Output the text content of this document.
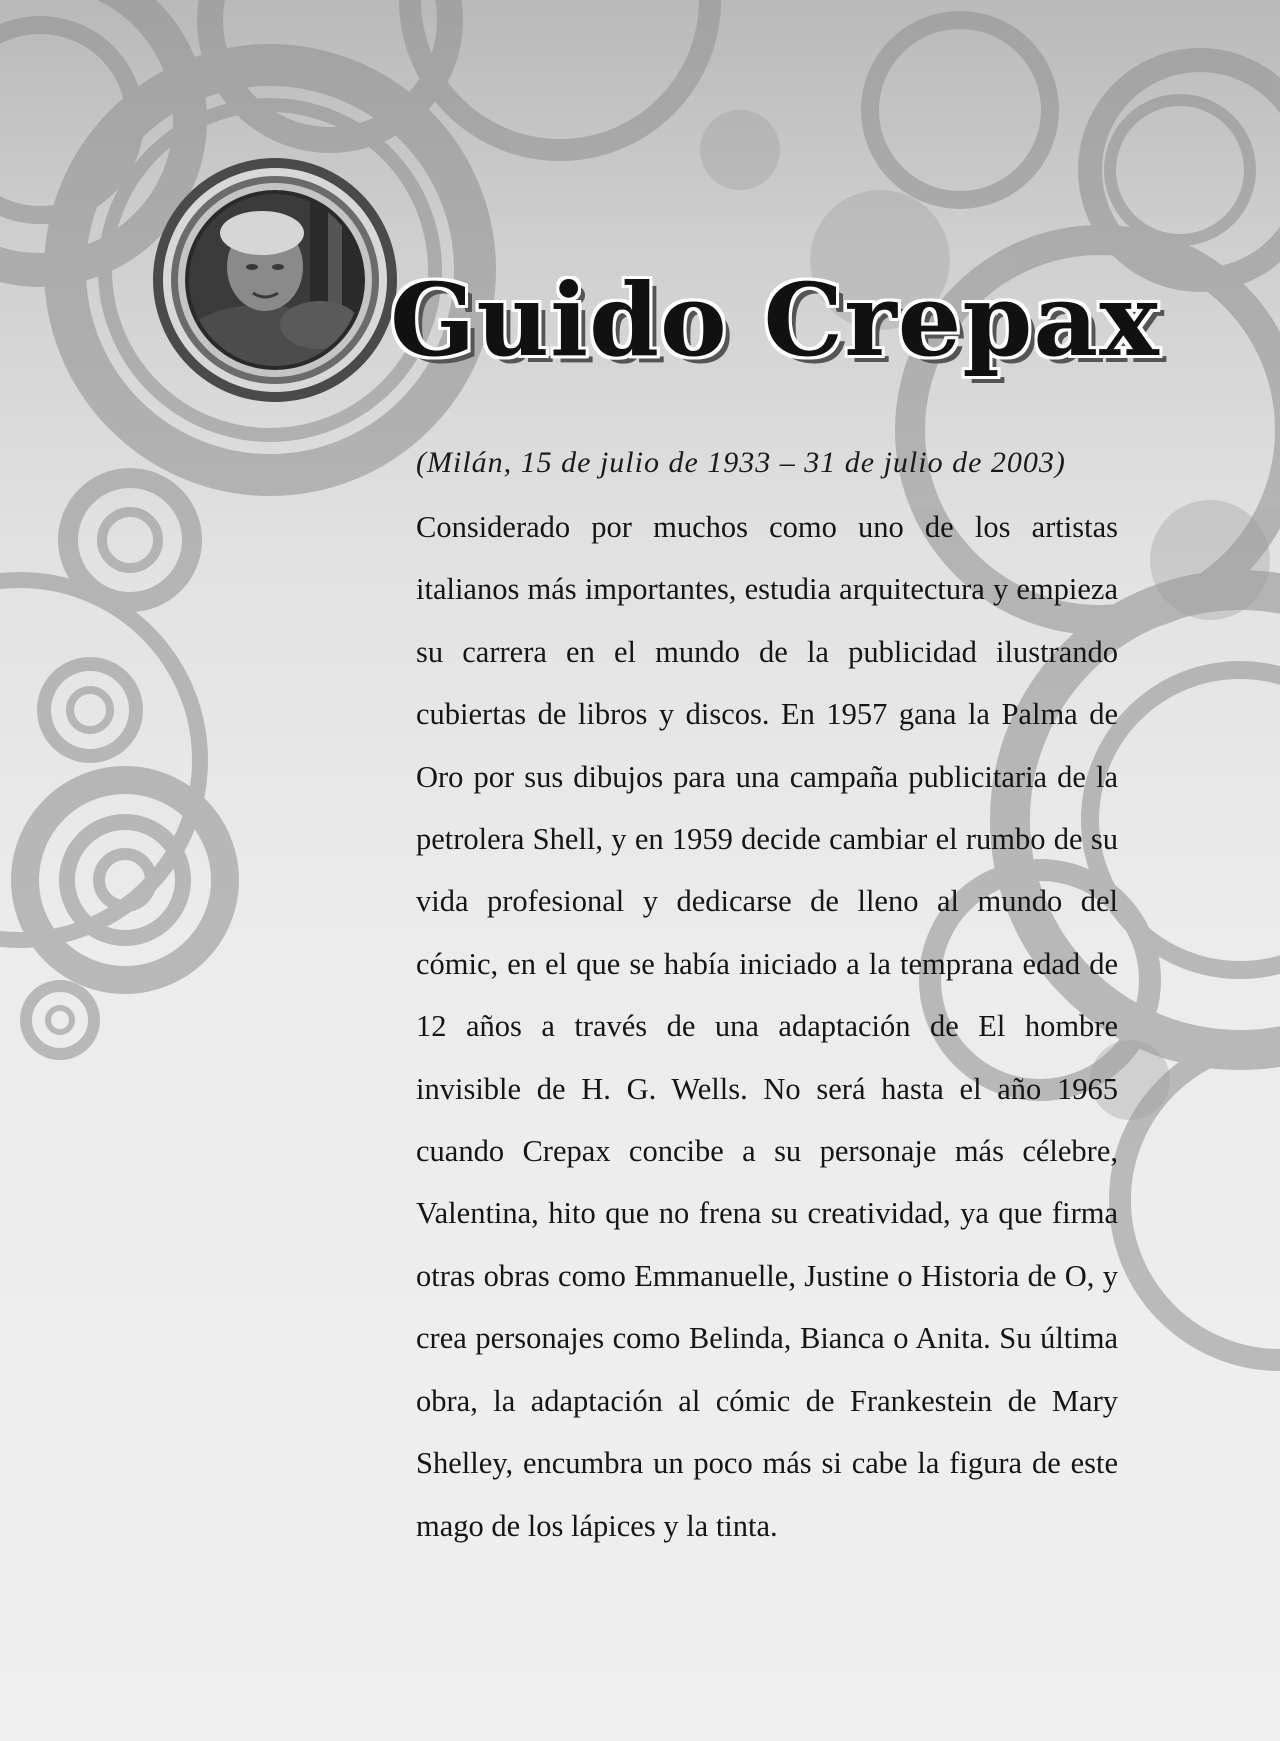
Guido Crepax

(Milán, 15 de julio de 1933 – 31 de julio de 2003)

Considerado por muchos como uno de los artistas italianos más importantes, estudia arquitectura y empieza su carrera en el mundo de la publicidad ilustrando cubiertas de libros y discos. En 1957 gana la Palma de Oro por sus dibujos para una campaña publicitaria de la petrolera Shell, y en 1959 decide cambiar el rumbo de su vida profesional y dedicarse de lleno al mundo del cómic, en el que se había iniciado a la temprana edad de 12 años a través de una adaptación de El hombre invisible de H. G. Wells. No será hasta el año 1965 cuando Crepax concibe a su personaje más célebre, Valentina, hito que no frena su creatividad, ya que firma otras obras como Emmanuelle, Justine o Historia de O, y crea personajes como Belinda, Bianca o Anita. Su última obra, la adaptación al cómic de Frankestein de Mary Shelley, encumbra un poco más si cabe la figura de este mago de los lápices y la tinta.
